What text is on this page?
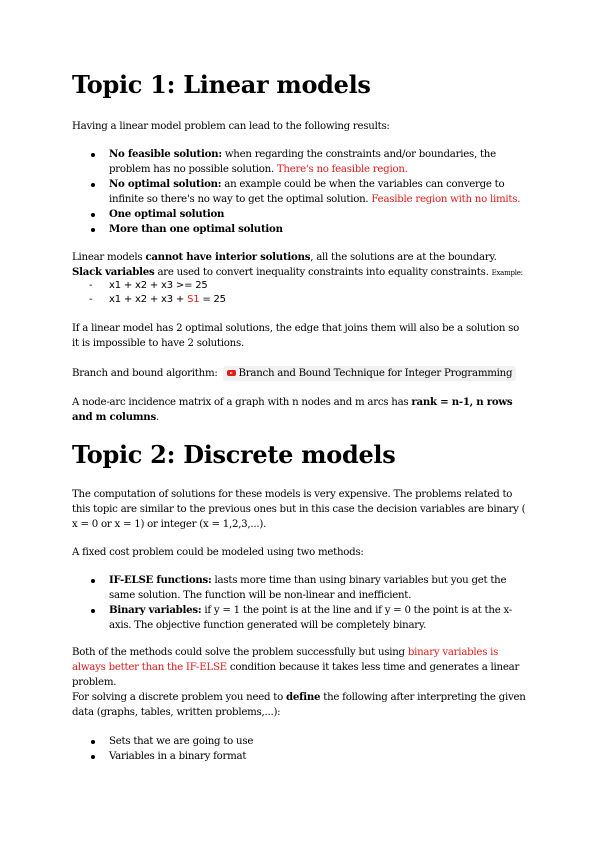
Topic 1: Linear models
Having a linear model problem can lead to the following results:
No feasible solution: when regarding the constraints and/or boundaries, the problem has no possible solution. There's no feasible region.
No optimal solution: an example could be when the variables can converge to infinite so there's no way to get the optimal solution. Feasible region with no limits.
One optimal solution
More than one optimal solution
Linear models cannot have interior solutions, all the solutions are at the boundary.
Slack variables are used to convert inequality constraints into equality constraints. Example:
- x1 + x2 + x3 >= 25
- x1 + x2 + x3 + S1 = 25
If a linear model has 2 optimal solutions, the edge that joins them will also be a solution so it is impossible to have 2 solutions.
Branch and bound algorithm: Branch and Bound Technique for Integer Programming
A node-arc incidence matrix of a graph with n nodes and m arcs has rank = n-1, n rows and m columns.
Topic 2: Discrete models
The computation of solutions for these models is very expensive. The problems related to this topic are similar to the previous ones but in this case the decision variables are binary ( x = 0 or x = 1) or integer (x = 1,2,3,...).
A fixed cost problem could be modeled using two methods:
IF-ELSE functions: lasts more time than using binary variables but you get the same solution. The function will be non-linear and inefficient.
Binary variables: if y = 1 the point is at the line and if y = 0 the point is at the x-axis. The objective function generated will be completely binary.
Both of the methods could solve the problem successfully but using binary variables is always better than the IF-ELSE condition because it takes less time and generates a linear problem.
For solving a discrete problem you need to define the following after interpreting the given data (graphs, tables, written problems,...):
Sets that we are going to use
Variables in a binary format
